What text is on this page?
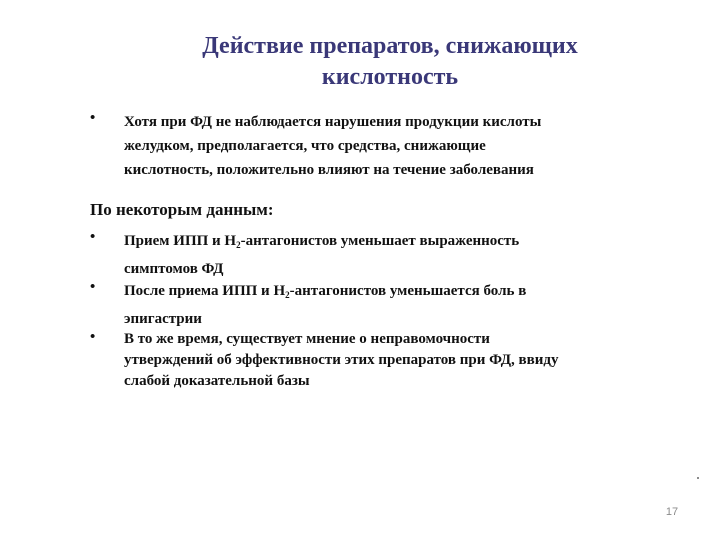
Действие препаратов, снижающих
кислотность
• Хотя при ФД не наблюдается нарушения продукции кислоты
желудком, предполагается, что средства, снижающие
кислотность, положительно влияют на течение заболевания
По некоторым данным:
• Прием ИПП и $Н_2$-антагонистов уменьшает выраженность
симптомов ФД
• После приема ИПП и $Н_2$-антагонистов уменьшается боль в
эпигастрии
• В то же время, существует мнение о неправомочности
утверждений об эффективности этих препаратов при ФД, ввиду
слабой доказательной базы
17
